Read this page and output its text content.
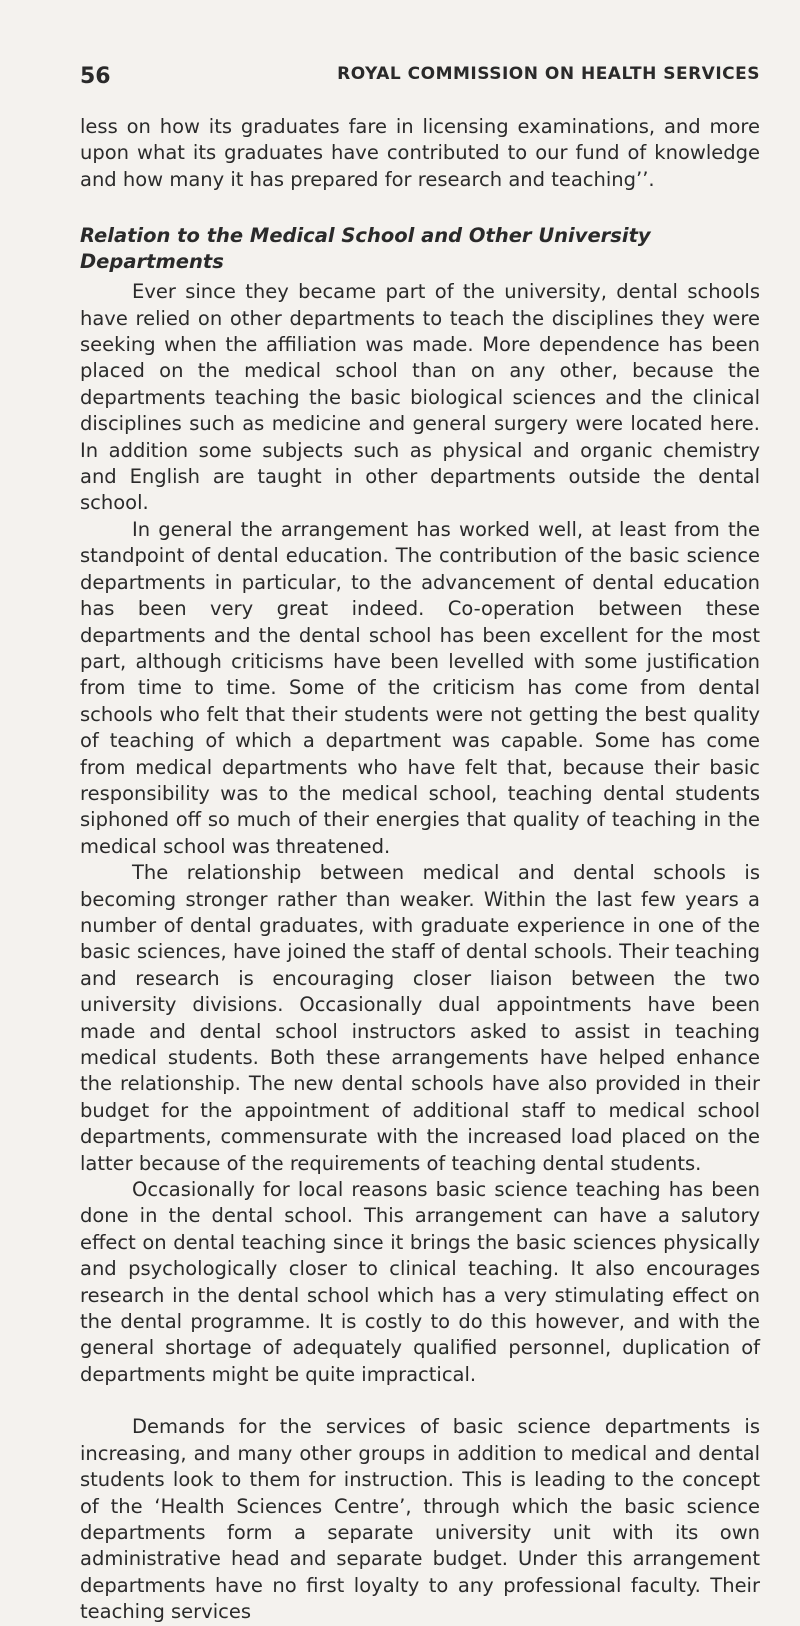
56	ROYAL COMMISSION ON HEALTH SERVICES

less on how its graduates fare in licensing examinations, and more upon what its graduates have contributed to our fund of knowledge and how many it has prepared for research and teaching’’.

Relation to the Medical School and Other University Departments

Ever since they became part of the university, dental schools have relied on other departments to teach the disciplines they were seeking when the affiliation was made. More dependence has been placed on the medical school than on any other, because the departments teaching the basic biological sciences and the clinical disciplines such as medicine and general surgery were located here. In addition some subjects such as physical and organic chemistry and English are taught in other departments outside the dental school.

In general the arrangement has worked well, at least from the standpoint of dental education. The contribution of the basic science departments in particular, to the advancement of dental education has been very great indeed. Co-operation between these departments and the dental school has been excellent for the most part, although criticisms have been levelled with some justification from time to time. Some of the criticism has come from dental schools who felt that their students were not getting the best quality of teaching of which a department was capable. Some has come from medical departments who have felt that, because their basic responsibility was to the medical school, teaching dental students siphoned off so much of their energies that quality of teaching in the medical school was threatened.

The relationship between medical and dental schools is becoming stronger rather than weaker. Within the last few years a number of dental graduates, with graduate experience in one of the basic sciences, have joined the staff of dental schools. Their teaching and research is encouraging closer liaison between the two university divisions. Occasionally dual appointments have been made and dental school instructors asked to assist in teaching medical students. Both these arrangements have helped enhance the relationship. The new dental schools have also provided in their budget for the appointment of additional staff to medical school departments, commensurate with the increased load placed on the latter because of the requirements of teaching dental students.

Occasionally for local reasons basic science teaching has been done in the dental school. This arrangement can have a salutory effect on dental teaching since it brings the basic sciences physically and psychologically closer to clinical teaching. It also encourages research in the dental school which has a very stimulating effect on the dental programme. It is costly to do this however, and with the general shortage of adequately qualified personnel, duplication of departments might be quite impractical.

Demands for the services of basic science departments is increasing, and many other groups in addition to medical and dental students look to them for instruction. This is leading to the concept of the ‘Health Sciences Centre’, through which the basic science departments form a separate university unit with its own administrative head and separate budget. Under this arrangement departments have no first loyalty to any professional faculty. Their teaching services
